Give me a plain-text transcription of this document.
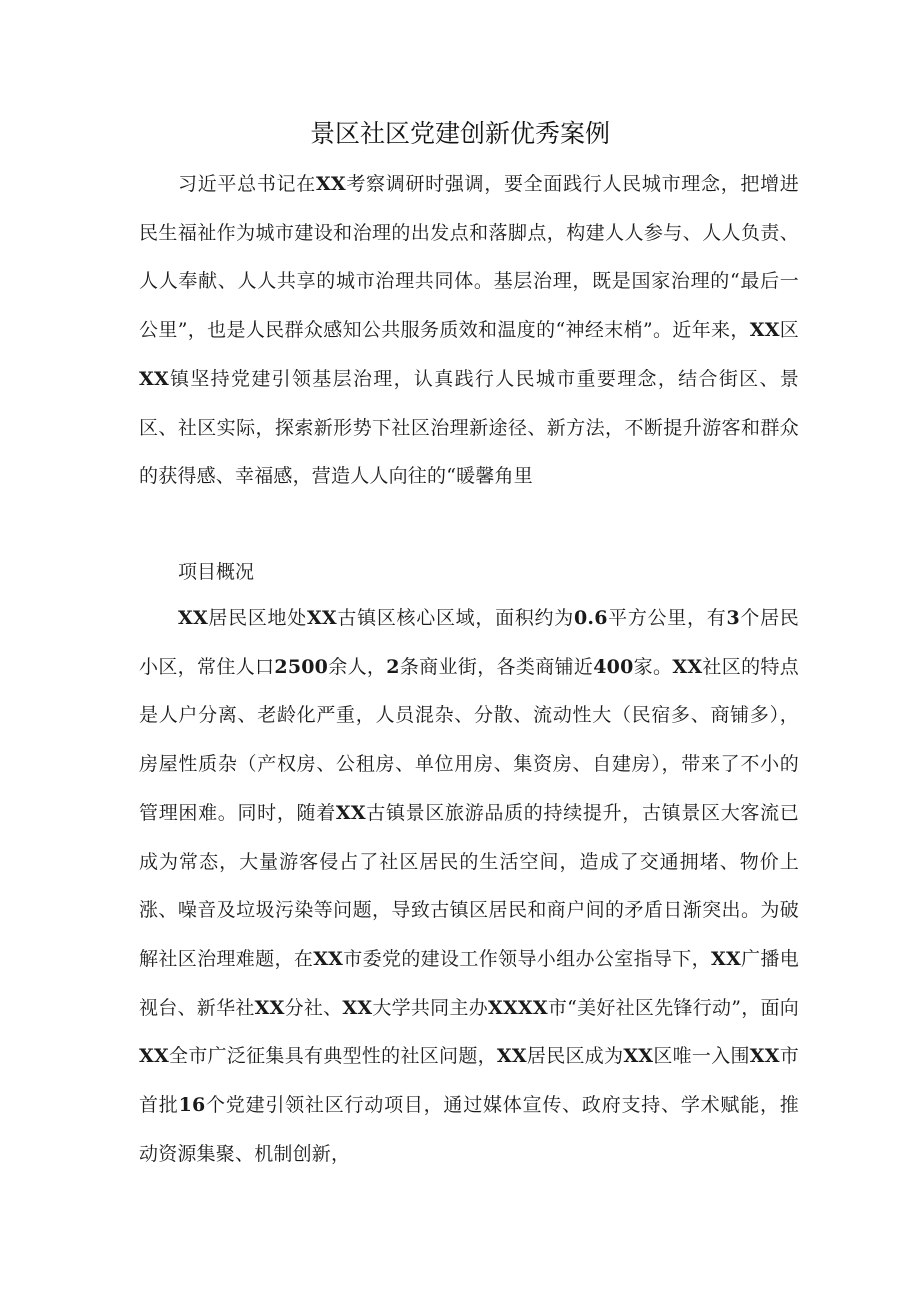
景区社区党建创新优秀案例

习近平总书记在XX考察调研时强调，要全面践行人民城市理念，把增进民生福祉作为城市建设和治理的出发点和落脚点，构建人人参与、人人负责、人人奉献、人人共享的城市治理共同体。基层治理，既是国家治理的“最后一公里”，也是人民群众感知公共服务质效和温度的“神经末梢”。近年来，XX区XX镇坚持党建引领基层治理，认真践行人民城市重要理念，结合街区、景区、社区实际，探索新形势下社区治理新途径、新方法，不断提升游客和群众的获得感、幸福感，营造人人向往的“暖馨角里

项目概况

XX居民区地处XX古镇区核心区域，面积约为0.6平方公里，有3个居民小区，常住人口2500余人，2条商业街，各类商铺近400家。XX社区的特点是人户分离、老龄化严重，人员混杂、分散、流动性大（民宿多、商铺多），房屋性质杂（产权房、公租房、单位用房、集资房、自建房），带来了不小的管理困难。同时，随着XX古镇景区旅游品质的持续提升，古镇景区大客流已成为常态，大量游客侵占了社区居民的生活空间，造成了交通拥堵、物价上涨、噪音及垃圾污染等问题，导致古镇区居民和商户间的矛盾日渐突出。为破解社区治理难题，在XX市委党的建设工作领导小组办公室指导下，XX广播电视台、新华社XX分社、XX大学共同主办XXXX市“美好社区先锋行动”，面向XX全市广泛征集具有典型性的社区问题，XX居民区成为XX区唯一入围XX市首批16个党建引领社区行动项目，通过媒体宣传、政府支持、学术赋能，推动资源集聚、机制创新，
